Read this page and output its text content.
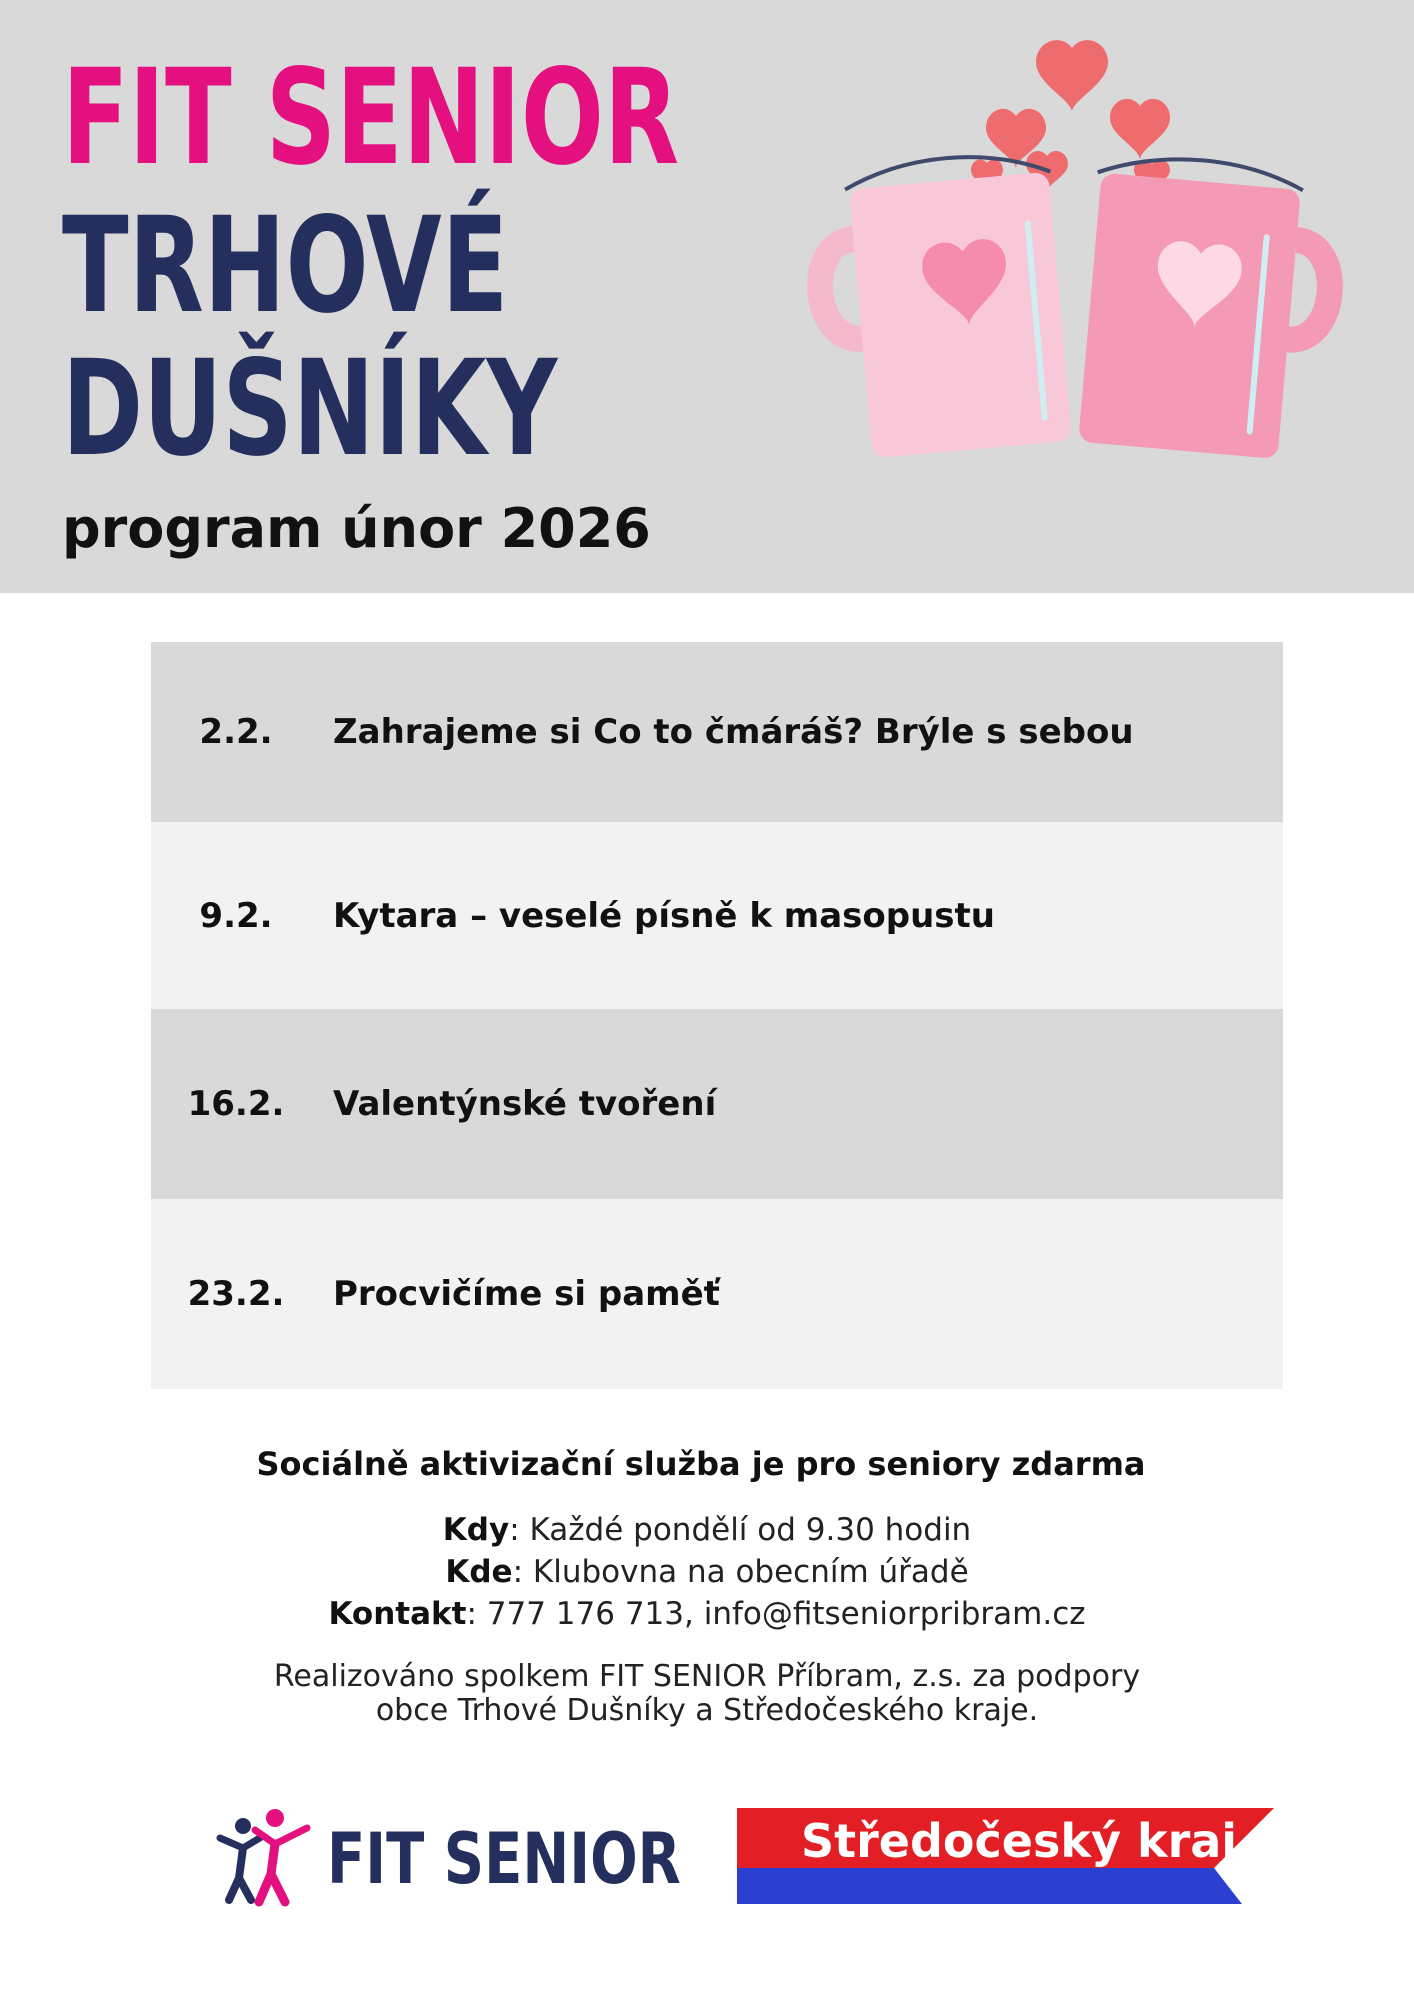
FIT SENIOR

TRHOVÉ

DUŠNÍKY

program únor 2026

2.2.	Zahrajeme si Co to čmáráš? Brýle s sebou
9.2.	Kytara – veselé písně k masopustu
16.2.	Valentýnské tvoření
23.2.	Procvičíme si paměť
Sociálně aktivizační služba je pro seniory zdarma
Kdy: Každé pondělí od 9.30 hodin
Kde: Klubovna na obecním úřadě
Kontakt: 777 176 713, info@fitseniorpribram.cz
Realizováno spolkem FIT SENIOR Příbram, z.s. za podpory
obce Trhové Dušníky a Středočeského kraje.
FIT SENIOR	Středočeský kraj
